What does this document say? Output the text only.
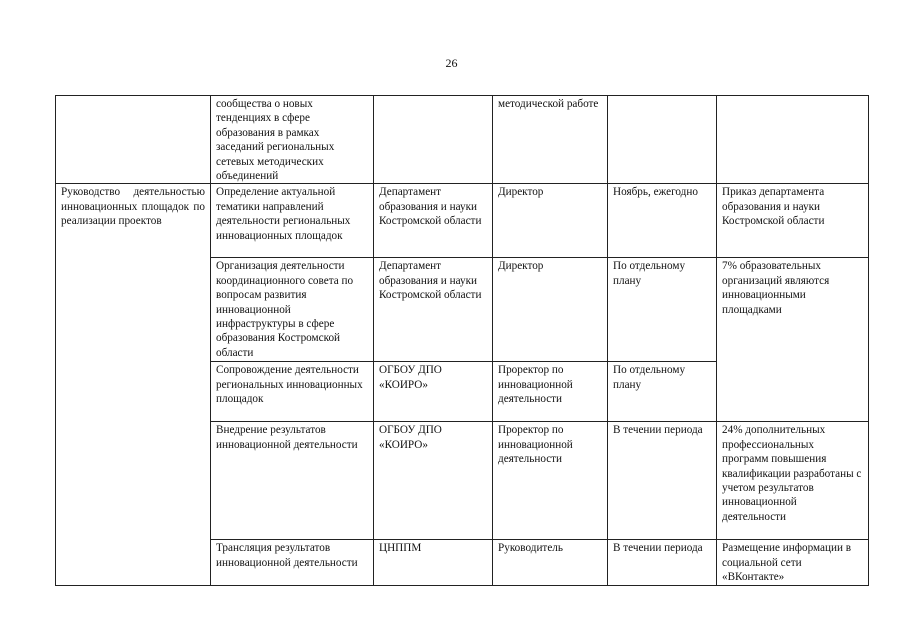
26
	сообщества о новых тенденциях в сфере образования в рамках заседаний региональных сетевых методических объединений		методической работе		
Руководство деятельностью инновационных площадок по реализации проектов	Определение актуальной тематики направлений деятельности региональных инновационных площадок	Департамент образования и науки Костромской области	Директор	Ноябрь, ежегодно	Приказ департамента образования и науки Костромской области
	Организация деятельности координационного совета по вопросам развития инновационной инфраструктуры в сфере образования Костромской области	Департамент образования и науки Костромской области	Директор	По отдельному плану	7% образовательных организаций являются инновационными площадками
	Сопровождение деятельности региональных инновационных площадок	ОГБОУ ДПО «КОИРО»	Проректор по инновационной деятельности	По отдельному плану	
	Внедрение результатов инновационной деятельности	ОГБОУ ДПО «КОИРО»	Проректор по инновационной деятельности	В течении периода	24% дополнительных профессиональных программ повышения квалификации разработаны с учетом результатов инновационной деятельности
	Трансляция результатов инновационной деятельности	ЦНППМ	Руководитель	В течении периода	Размещение информации в социальной сети «ВКонтакте»
